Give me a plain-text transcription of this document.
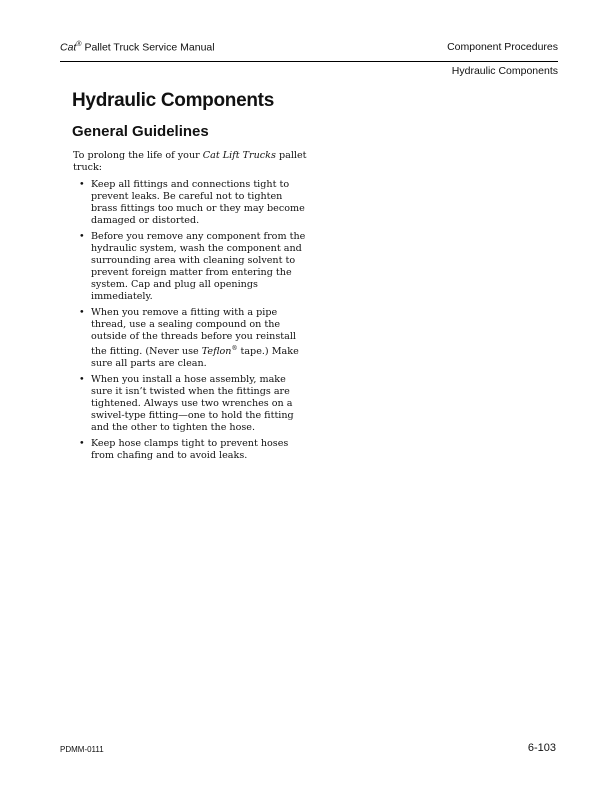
Cat® Pallet Truck Service Manual	Component Procedures
Hydraulic Components
Hydraulic Components
General Guidelines
To prolong the life of your Cat Lift Trucks pallet
truck:
• Keep all fittings and connections tight to
prevent leaks. Be careful not to tighten
brass fittings too much or they may become
damaged or distorted.
• Before you remove any component from the
hydraulic system, wash the component and
surrounding area with cleaning solvent to
prevent foreign matter from entering the
system. Cap and plug all openings
immediately.
• When you remove a fitting with a pipe
thread, use a sealing compound on the
outside of the threads before you reinstall
the fitting. (Never use Teflon® tape.) Make
sure all parts are clean.
• When you install a hose assembly, make
sure it isn’t twisted when the fittings are
tightened. Always use two wrenches on a
swivel-type fitting—one to hold the fitting
and the other to tighten the hose.
• Keep hose clamps tight to prevent hoses
from chafing and to avoid leaks.
PDMM-0111	6-103
